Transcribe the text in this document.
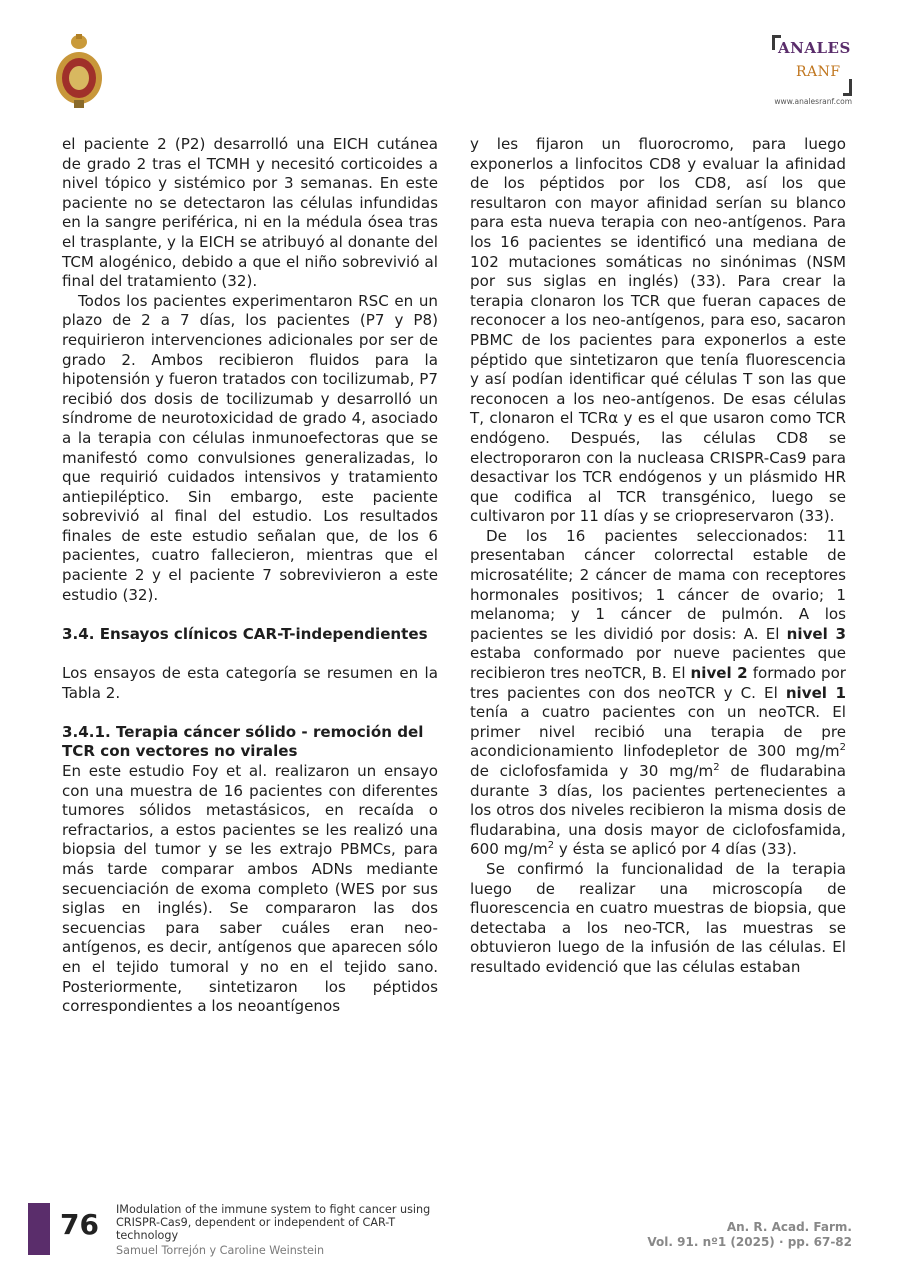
ANALES
RANF
www.analesranf.com

el paciente 2 (P2) desarrolló una EICH cutánea de grado 2 tras el TCMH y necesitó corticoides a nivel tópico y sistémico por 3 semanas. En este paciente no se detectaron las células infundidas en la sangre periférica, ni en la médula ósea tras el trasplante, y la EICH se atribuyó al donante del TCM alogénico, debido a que el niño sobrevivió al final del tratamiento (32).

Todos los pacientes experimentaron RSC en un plazo de 2 a 7 días, los pacientes (P7 y P8) requirieron intervenciones adicionales por ser de grado 2. Ambos recibieron fluidos para la hipotensión y fueron tratados con tocilizumab, P7 recibió dos dosis de tocilizumab y desarrolló un síndrome de neurotoxicidad de grado 4, asociado a la terapia con células inmunoefectoras que se manifestó como convulsiones generalizadas, lo que requirió cuidados intensivos y tratamiento antiepiléptico. Sin embargo, este paciente sobrevivió al final del estudio. Los resultados finales de este estudio señalan que, de los 6 pacientes, cuatro fallecieron, mientras que el paciente 2 y el paciente 7 sobrevivieron a este estudio (32).

3.4. Ensayos clínicos CAR-T-independientes

Los ensayos de esta categoría se resumen en la Tabla 2.

3.4.1. Terapia cáncer sólido - remoción del TCR con vectores no virales

En este estudio Foy et al. realizaron un ensayo con una muestra de 16 pacientes con diferentes tumores sólidos metastásicos, en recaída o refractarios, a estos pacientes se les realizó una biopsia del tumor y se les extrajo PBMCs, para más tarde comparar ambos ADNs mediante secuenciación de exoma completo (WES por sus siglas en inglés). Se compararon las dos secuencias para saber cuáles eran neo-antígenos, es decir, antígenos que aparecen sólo en el tejido tumoral y no en el tejido sano. Posteriormente, sintetizaron los péptidos correspondientes a los neoantígenos

y les fijaron un fluorocromo, para luego exponerlos a linfocitos CD8 y evaluar la afinidad de los péptidos por los CD8, así los que resultaron con mayor afinidad serían su blanco para esta nueva terapia con neo-antígenos. Para los 16 pacientes se identificó una mediana de 102 mutaciones somáticas no sinónimas (NSM por sus siglas en inglés) (33). Para crear la terapia clonaron los TCR que fueran capaces de reconocer a los neo-antígenos, para eso, sacaron PBMC de los pacientes para exponerlos a este péptido que sintetizaron que tenía fluorescencia y así podían identificar qué células T son las que reconocen a los neo-antígenos. De esas células T, clonaron el TCRα y es el que usaron como TCR endógeno. Después, las células CD8 se electroporaron con la nucleasa CRISPR-Cas9 para desactivar los TCR endógenos y un plásmido HR que codifica al TCR transgénico, luego se cultivaron por 11 días y se criopreservaron (33).

De los 16 pacientes seleccionados: 11 presentaban cáncer colorrectal estable de microsatélite; 2 cáncer de mama con receptores hormonales positivos; 1 cáncer de ovario; 1 melanoma; y 1 cáncer de pulmón. A los pacientes se les dividió por dosis: A. El nivel 3 estaba conformado por nueve pacientes que recibieron tres neoTCR, B. El nivel 2 formado por tres pacientes con dos neoTCR y C. El nivel 1 tenía a cuatro pacientes con un neoTCR. El primer nivel recibió una terapia de pre acondicionamiento linfodepletor de 300 $mg/m^2$ de ciclofosfamida y 30 $mg/m^2$ de fludarabina durante 3 días, los pacientes pertenecientes a los otros dos niveles recibieron la misma dosis de fludarabina, una dosis mayor de ciclofosfamida, 600 $mg/m^2$ y ésta se aplicó por 4 días (33).

Se confirmó la funcionalidad de la terapia luego de realizar una microscopía de fluorescencia en cuatro muestras de biopsia, que detectaba a los neo-TCR, las muestras se obtuvieron luego de la infusión de las células. El resultado evidenció que las células estaban

76 IModulation of the immune system to fight cancer using CRISPR-Cas9, dependent or independent of CAR-T technology
Samuel Torrejón y Caroline Weinstein
An. R. Acad. Farm.
Vol. 91. nº1 (2025) · pp. 67-82
